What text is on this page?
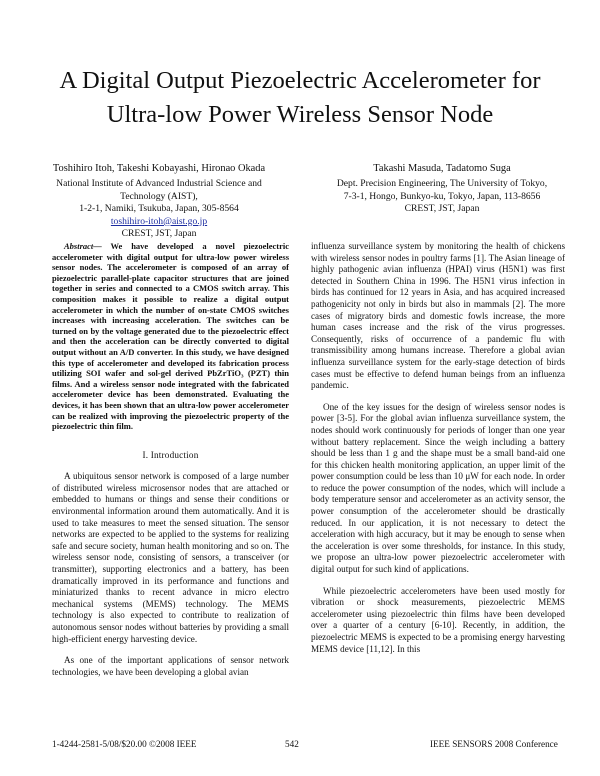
A Digital Output Piezoelectric Accelerometer for
Ultra-low Power Wireless Sensor Node
Toshihiro Itoh, Takeshi Kobayashi, Hironao Okada
National Institute of Advanced Industrial Science and
Technology (AIST),
1-2-1, Namiki, Tsukuba, Japan, 305-8564
toshihiro-itoh@aist.go.jp
CREST, JST, Japan
Takashi Masuda, Tadatomo Suga
Dept. Precision Engineering, The University of Tokyo,
7-3-1, Hongo, Bunkyo-ku, Tokyo, Japan, 113-8656
CREST, JST, Japan

Abstract— We have developed a novel piezoelectric accelerometer with digital output for ultra-low power wireless sensor nodes. The accelerometer is composed of an array of piezoelectric parallel-plate capacitor structures that are joined together in series and connected to a CMOS switch array. This composition makes it possible to realize a digital output accelerometer in which the number of on-state CMOS switches increases with increasing acceleration. The switches can be turned on by the voltage generated due to the piezoelectric effect and then the acceleration can be directly converted to digital output without an A/D converter. In this study, we have designed this type of accelerometer and developed its fabrication process utilizing SOI wafer and sol-gel derived PbZrTiO₃ (PZT) thin films. And a wireless sensor node integrated with the fabricated accelerometer device has been demonstrated. Evaluating the devices, it has been shown that an ultra-low power accelerometer can be realized with improving the piezoelectric property of the piezoelectric thin film.

I. Introduction

A ubiquitous sensor network is composed of a large number of distributed wireless microsensor nodes that are attached or embedded to humans or things and sense their conditions or environmental information around them automatically. And it is used to take measures to meet the sensed situation. The sensor networks are expected to be applied to the systems for realizing safe and secure society, human health monitoring and so on. The wireless sensor node, consisting of sensors, a transceiver (or transmitter), supporting electronics and a battery, has been dramatically improved in its performance and functions and miniaturized thanks to recent advance in micro electro mechanical systems (MEMS) technology. The MEMS technology is also expected to contribute to realization of autonomous sensor nodes without batteries by providing a small high-efficient energy harvesting device.

As one of the important applications of sensor network technologies, we have been developing a global avian

influenza surveillance system by monitoring the health of chickens with wireless sensor nodes in poultry farms [1]. The Asian lineage of highly pathogenic avian influenza (HPAI) virus (H5N1) was first detected in Southern China in 1996. The H5N1 virus infection in birds has continued for 12 years in Asia, and has acquired increased pathogenicity not only in birds but also in mammals [2]. The more cases of migratory birds and domestic fowls increase, the more human cases increase and the risk of the virus progresses. Consequently, risks of occurrence of a pandemic flu with transmissibility among humans increase. Therefore a global avian influenza surveillance system for the early-stage detection of birds cases must be effective to defend human beings from an influenza pandemic.

One of the key issues for the design of wireless sensor nodes is power [3-5]. For the global avian influenza surveillance system, the nodes should work continuously for periods of longer than one year without battery replacement. Since the weigh including a battery should be less than 1 g and the shape must be a small band-aid one for this chicken health monitoring application, an upper limit of the power consumption could be less than 10 μW for each node. In order to reduce the power consumption of the nodes, which will include a body temperature sensor and accelerometer as an activity sensor, the power consumption of the accelerometer should be drastically reduced. In our application, it is not necessary to detect the acceleration with high accuracy, but it may be enough to sense when the acceleration is over some thresholds, for instance. In this study, we propose an ultra-low power piezoelectric accelerometer with digital output for such kind of applications.

While piezoelectric accelerometers have been used mostly for vibration or shock measurements, piezoelectric MEMS accelerometer using piezoelectric thin films have been developed over a quarter of a century [6-10]. Recently, in addition, the piezoelectric MEMS is expected to be a promising energy harvesting MEMS device [11,12]. In this

1-4244-2581-5/08/$20.00 ©2008 IEEE	542	IEEE SENSORS 2008 Conference
